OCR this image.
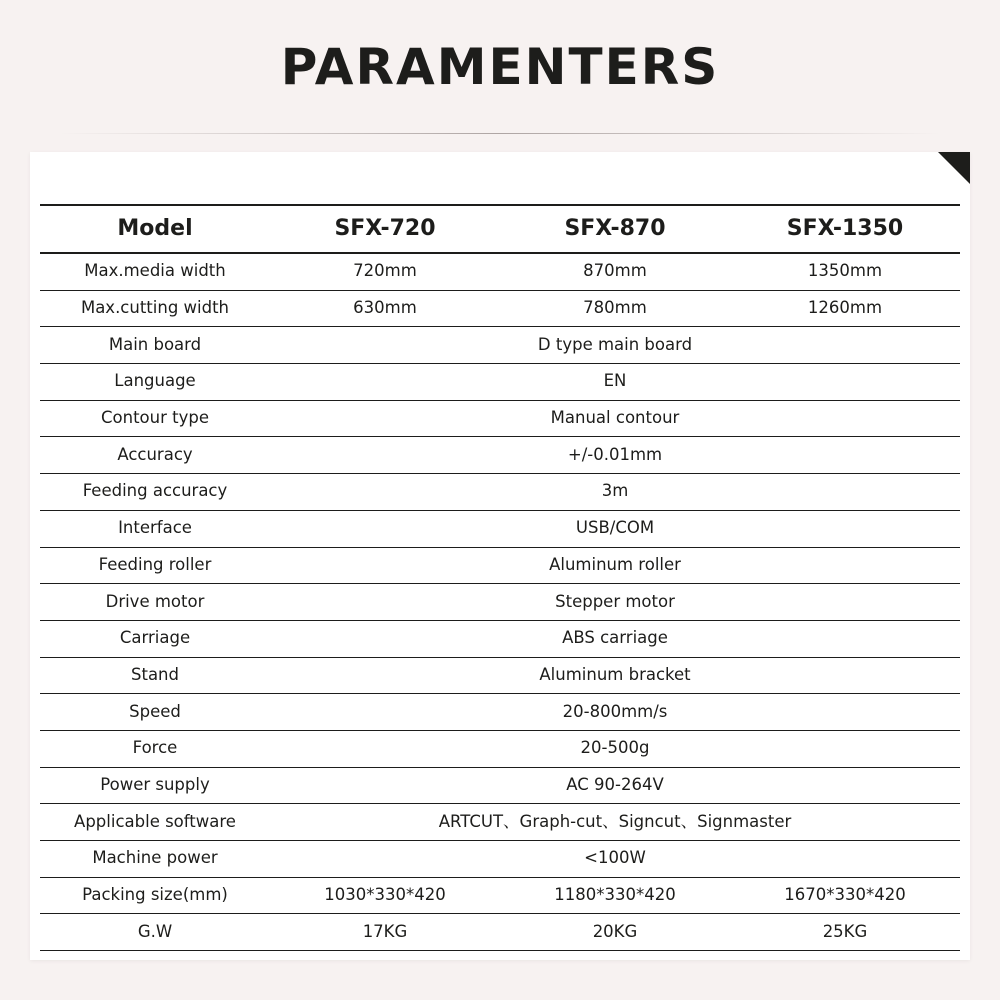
PARAMENTERS
Model	SFX-720	SFX-870	SFX-1350
Max.media width	720mm	870mm	1350mm
Max.cutting width	630mm	780mm	1260mm
Main board	D type main board		
Language	EN		
Contour type	Manual contour		
Accuracy	+/-0.01mm		
Feeding accuracy	3m		
Interface	USB/COM		
Feeding roller	Aluminum roller		
Drive motor	Stepper motor		
Carriage	ABS carriage		
Stand	Aluminum bracket		
Speed	20-800mm/s		
Force	20-500g		
Power supply	AC 90-264V		
Applicable software	ARTCUT、Graph-cut、Signcut、Signmaster		
Machine power	<100W		
Packing size(mm)	1030*330*420	1180*330*420	1670*330*420
G.W	17KG	20KG	25KG
